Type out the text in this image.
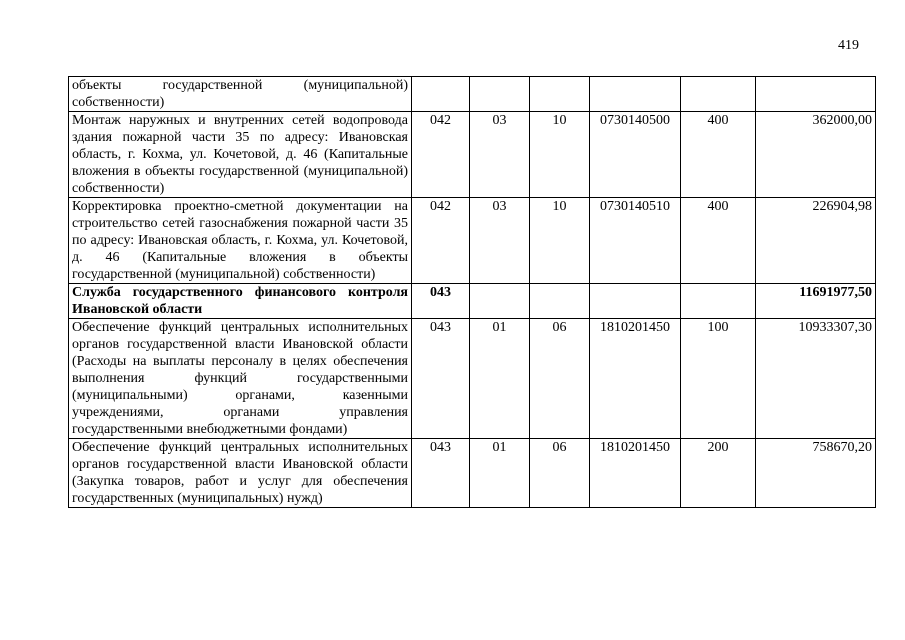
419
объекты государственной (муниципальной) собственности)						
Монтаж наружных и внутренних сетей водопровода здания пожарной части 35 по адресу: Ивановская область, г. Кохма, ул. Кочетовой, д. 46 (Капитальные вложения в объекты государственной (муниципальной) собственности)	042	03	10	0730140500	400	362000,00
Корректировка проектно-сметной документации на строительство сетей газоснабжения пожарной части 35 по адресу: Ивановская область, г. Кохма, ул. Кочетовой, д. 46 (Капитальные вложения в объекты государственной (муниципальной) собственности)	042	03	10	0730140510	400	226904,98
Служба государственного финансового контроля Ивановской области	043					11691977,50
Обеспечение функций центральных исполнительных органов государственной власти Ивановской области (Расходы на выплаты персоналу в целях обеспечения выполнения функций государственными (муниципальными) органами, казенными учреждениями, органами управления государственными внебюджетными фондами)	043	01	06	1810201450	100	10933307,30
Обеспечение функций центральных исполнительных органов государственной власти Ивановской области (Закупка товаров, работ и услуг для обеспечения государственных (муниципальных) нужд)	043	01	06	1810201450	200	758670,20
